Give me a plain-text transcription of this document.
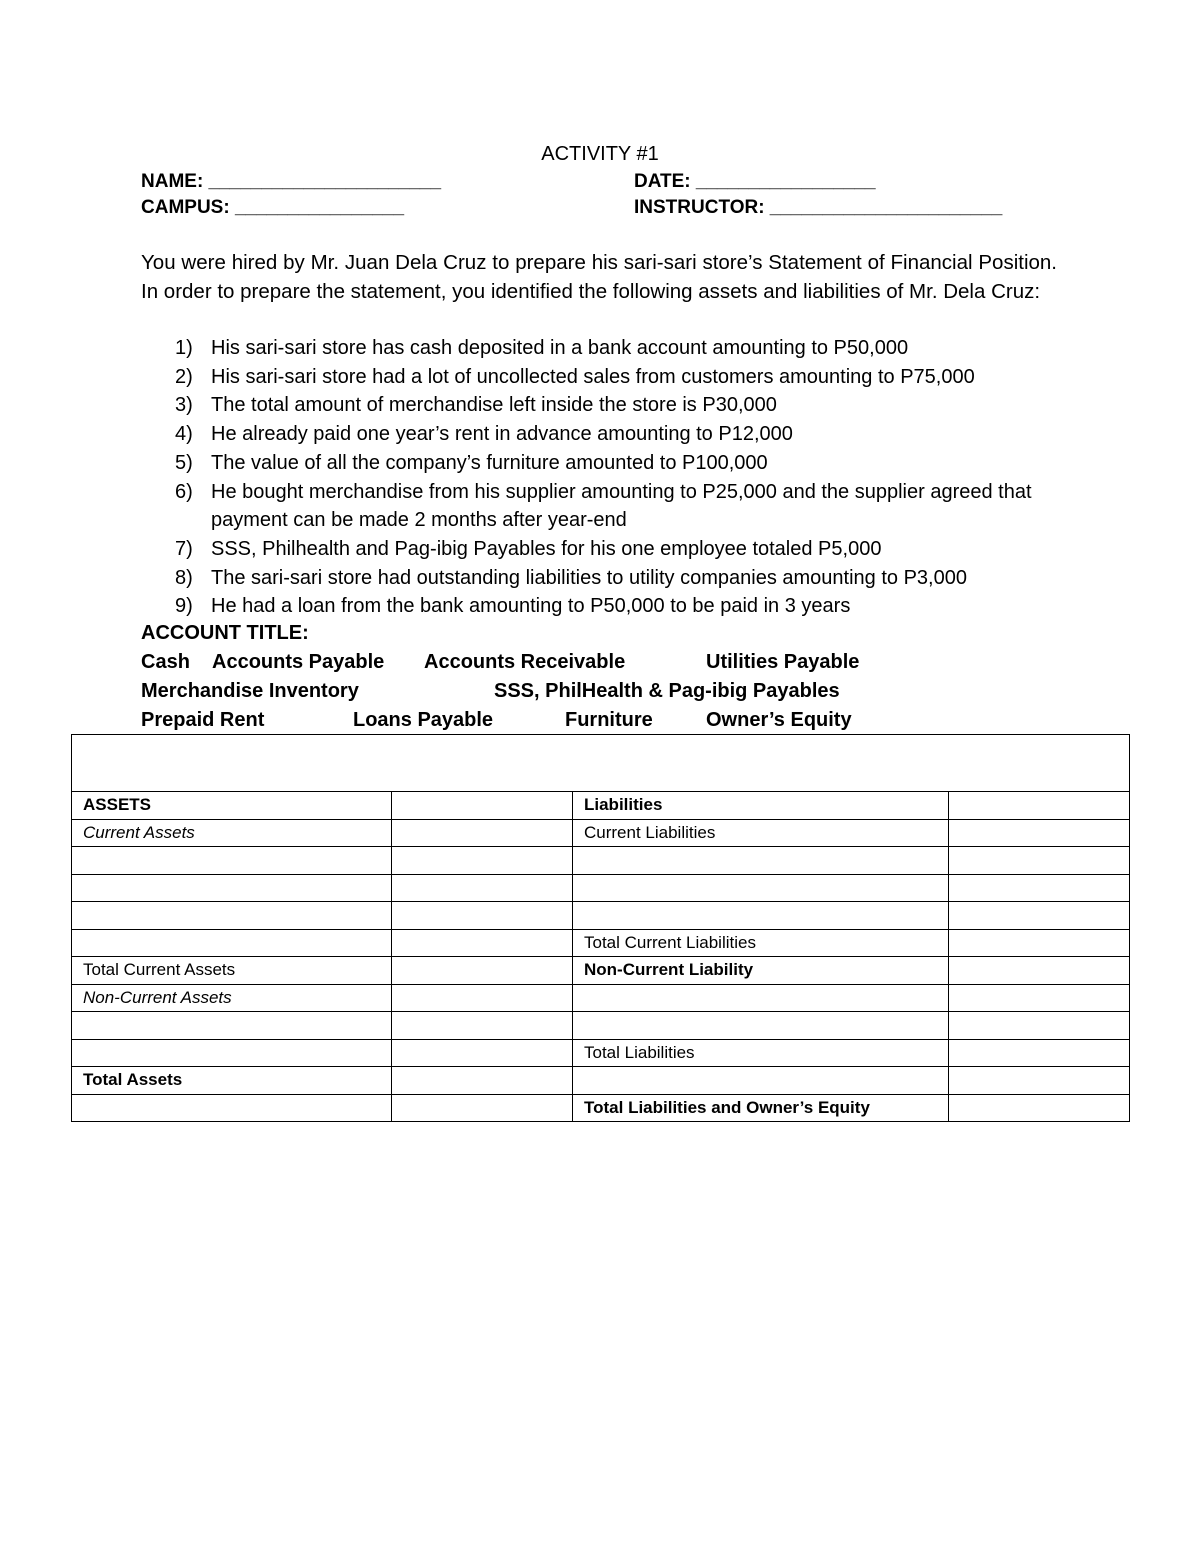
ACTIVITY #1
NAME: ______________________	DATE: _________________
CAMPUS: ________________	INSTRUCTOR: ______________________
You were hired by Mr. Juan Dela Cruz to prepare his sari-sari store’s Statement of Financial Position. In order to prepare the statement, you identified the following assets and liabilities of Mr. Dela Cruz:
1) His sari-sari store has cash deposited in a bank account amounting to P50,000
2) His sari-sari store had a lot of uncollected sales from customers amounting to P75,000
3) The total amount of merchandise left inside the store is P30,000
4) He already paid one year’s rent in advance amounting to P12,000
5) The value of all the company’s furniture amounted to P100,000
6) He bought merchandise from his supplier amounting to P25,000 and the supplier agreed that payment can be made 2 months after year-end
7) SSS, Philhealth and Pag-ibig Payables for his one employee totaled P5,000
8) The sari-sari store had outstanding liabilities to utility companies amounting to P3,000
9) He had a loan from the bank amounting to P50,000 to be paid in 3 years
ACCOUNT TITLE:
Cash Accounts Payable Accounts Receivable	Utilities Payable
Merchandise Inventory	SSS, PhilHealth & Pag-ibig Payables
Prepaid Rent	Loans Payable	Furniture	Owner’s Equity

ASSETS		Liabilities	
Current Assets		Current Liabilities	

		Total Current Liabilities	
Total Current Assets		Non-Current Liability	
Non-Current Assets			

		Total Liabilities	
Total Assets			
		Total Liabilities and Owner’s Equity	
